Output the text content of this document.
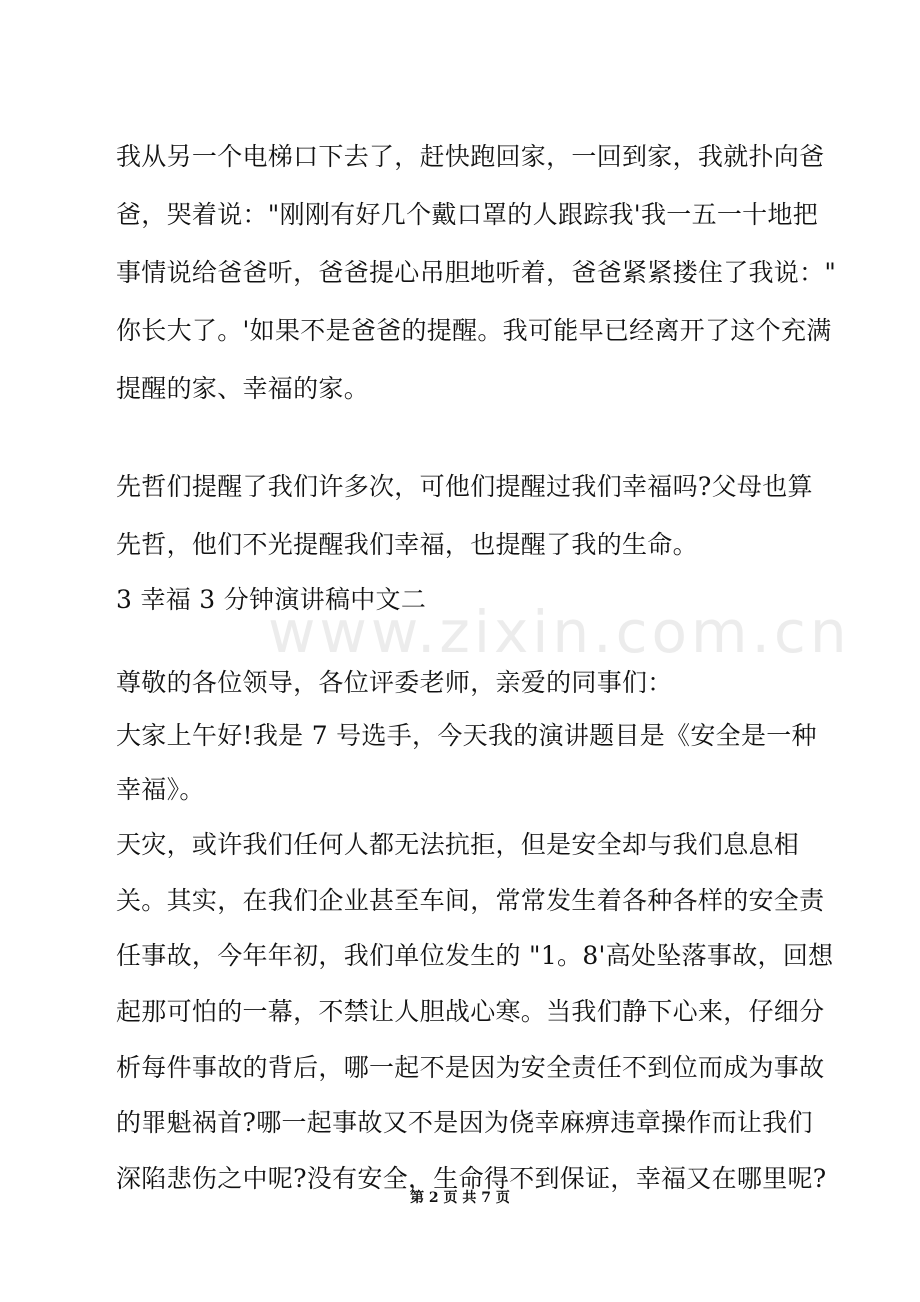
www.zixin.com.cn
我从另一个电梯口下去了，赶快跑回家，一回到家，我就扑向爸
爸，哭着说："刚刚有好几个戴口罩的人跟踪我'我一五一十地把
事情说给爸爸听，爸爸提心吊胆地听着，爸爸紧紧搂住了我说："
你长大了。'如果不是爸爸的提醒。我可能早已经离开了这个充满
提醒的家、幸福的家。
先哲们提醒了我们许多次，可他们提醒过我们幸福吗?父母也算
先哲，他们不光提醒我们幸福，也提醒了我的生命。
3 幸福 3 分钟演讲稿中文二
尊敬的各位领导，各位评委老师，亲爱的同事们：
大家上午好!我是 7 号选手，今天我的演讲题目是《安全是一种
幸福》。
天灾，或许我们任何人都无法抗拒，但是安全却与我们息息相
关。其实，在我们企业甚至车间，常常发生着各种各样的安全责
任事故，今年年初，我们单位发生的 "1。8'高处坠落事故，回想
起那可怕的一幕，不禁让人胆战心寒。当我们静下心来，仔细分
析每件事故的背后，哪一起不是因为安全责任不到位而成为事故
的罪魁祸首?哪一起事故又不是因为侥幸麻痹违章操作而让我们
深陷悲伤之中呢?没有安全，生命得不到保证，幸福又在哪里呢?
第 2 页 共 7 页
